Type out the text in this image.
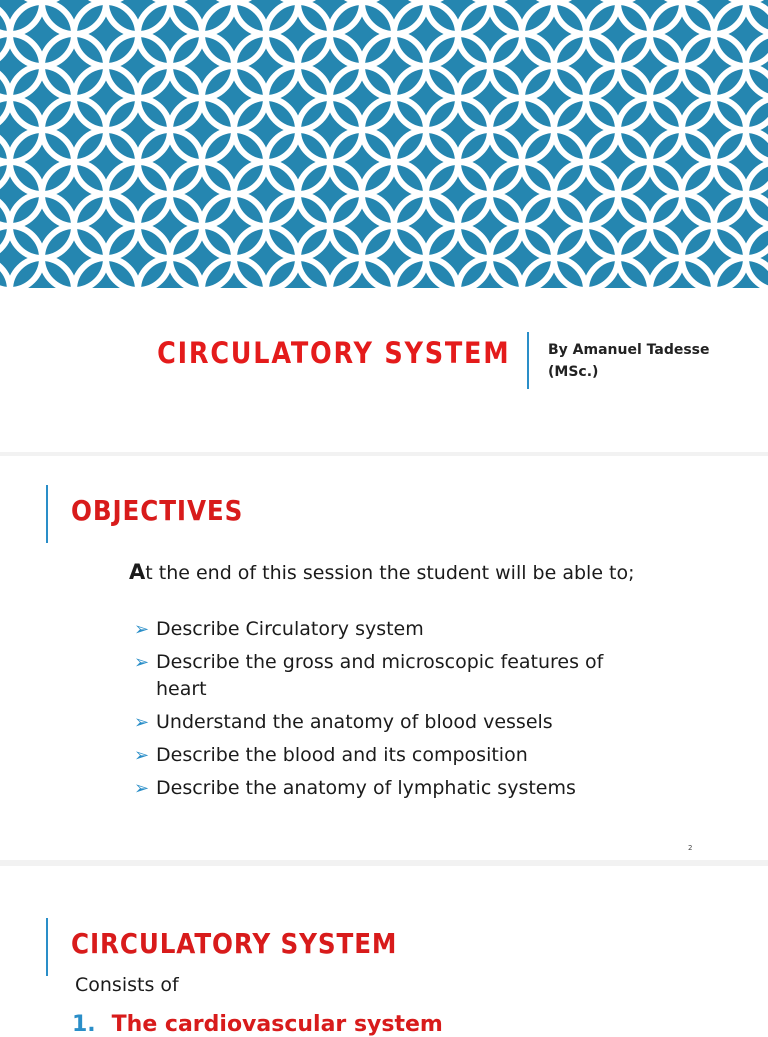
CIRCULATORY SYSTEM	By Amanuel Tadesse
(MSc.)
OBJECTIVES

At the end of this session the student will be able to;

➢ Describe Circulatory system
➢ Describe the gross and microscopic features of heart
➢ Understand the anatomy of blood vessels
➢ Describe the blood and its composition
➢ Describe the anatomy of lymphatic systems
2
CIRCULATORY SYSTEM

Consists of

1. The cardiovascular system
